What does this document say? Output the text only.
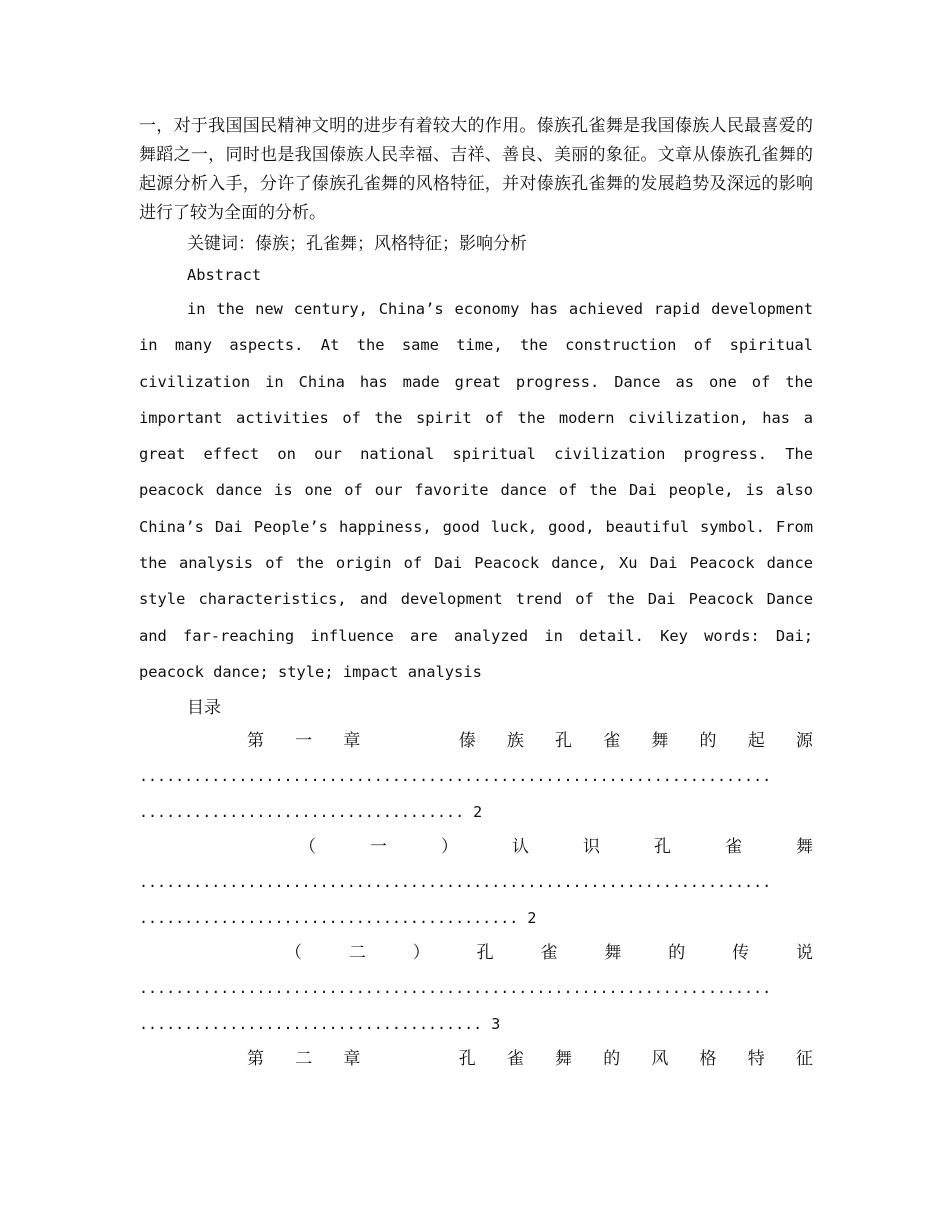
一，对于我国国民精神文明的进步有着较大的作用。傣族孔雀舞是我国傣族人民最喜爱的舞蹈之一，同时也是我国傣族人民幸福、吉祥、善良、美丽的象征。文章从傣族孔雀舞的起源分析入手，分许了傣族孔雀舞的风格特征，并对傣族孔雀舞的发展趋势及深远的影响进行了较为全面的分析。

关键词：傣族；孔雀舞；风格特征；影响分析

Abstract

in the new century, China’s economy has achieved rapid development in many aspects. At the same time, the construction of spiritual civilization in China has made great progress. Dance as one of the important activities of the spirit of the modern civilization, has a great effect on our national spiritual civilization progress. The peacock dance is one of our favorite dance of the Dai people, is also China’s Dai People’s happiness, good luck, good, beautiful symbol. From the analysis of the origin of Dai Peacock dance, Xu Dai Peacock dance style characteristics, and development trend of the Dai Peacock Dance and far-reaching influence are analyzed in detail. Key words: Dai; peacock dance; style; impact analysis

目录
第 一 章	傣 族 孔 雀 舞 的 起 源
......................................................................
.................................... 2
（	一	）	认	识	孔	雀	舞
......................................................................
.......................................... 2
（	二	）	孔	雀	舞	的	传	说
......................................................................
...................................... 3
第 二 章	孔 雀 舞 的 风 格 特 征
